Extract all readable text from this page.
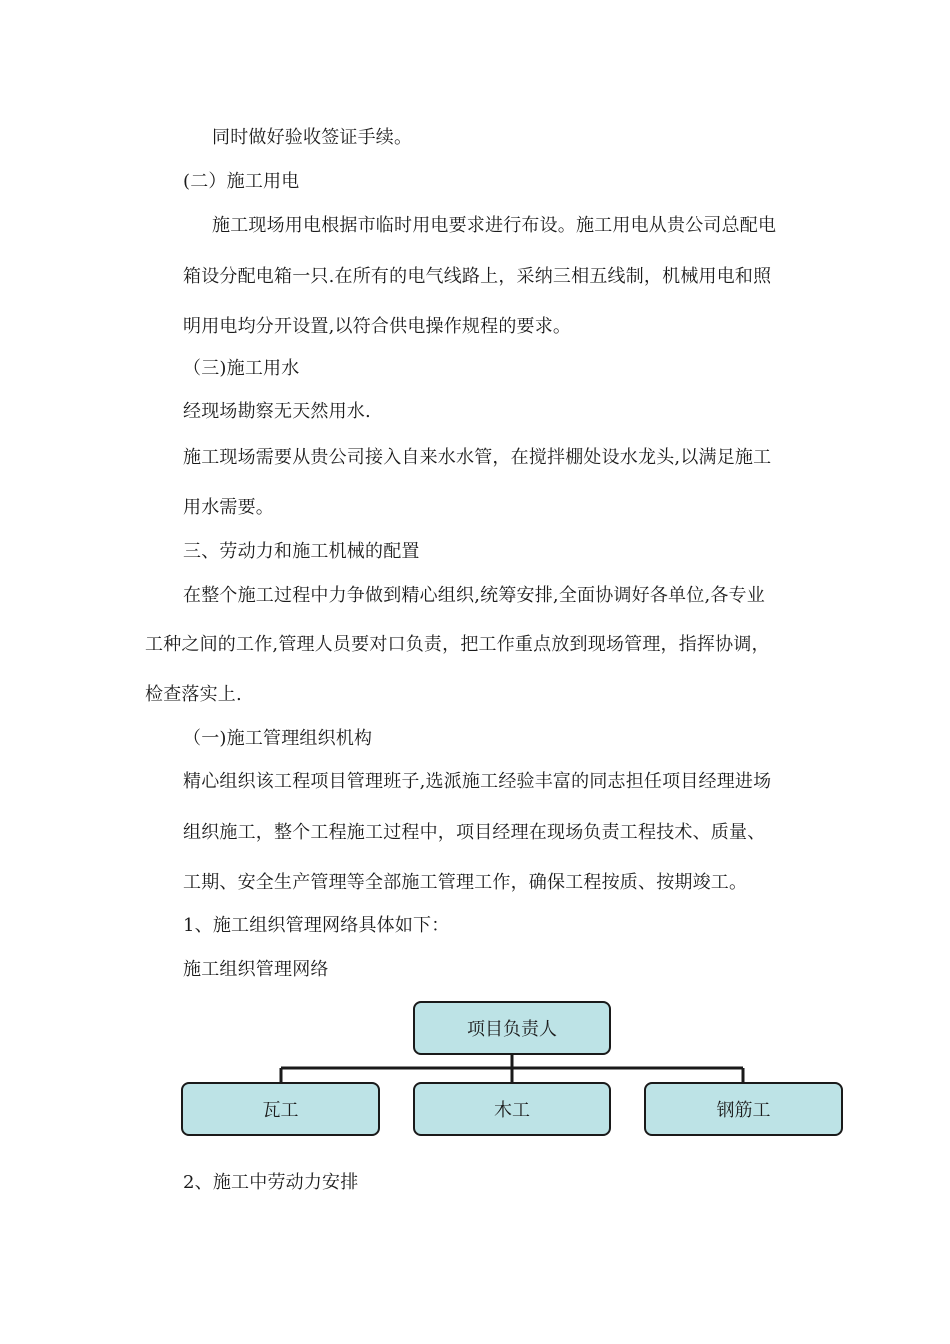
同时做好验收签证手续。
(二）施工用电
施工现场用电根据市临时用电要求进行布设。施工用电从贵公司总配电
箱设分配电箱一只.在所有的电气线路上，采纳三相五线制，机械用电和照
明用电均分开设置,以符合供电操作规程的要求。
（三)施工用水
经现场勘察无天然用水.
施工现场需要从贵公司接入自来水水管，在搅拌棚处设水龙头,以满足施工
用水需要。
三、劳动力和施工机械的配置
在整个施工过程中力争做到精心组织,统筹安排,全面协调好各单位,各专业
工种之间的工作,管理人员要对口负责，把工作重点放到现场管理，指挥协调，
检查落实上.
（一)施工管理组织机构
精心组织该工程项目管理班子,选派施工经验丰富的同志担任项目经理进场
组织施工，整个工程施工过程中，项目经理在现场负责工程技术、质量、
工期、安全生产管理等全部施工管理工作，确保工程按质、按期竣工。
1、施工组织管理网络具体如下：
施工组织管理网络
项目负责人
瓦工	木工	钢筋工
2、施工中劳动力安排
